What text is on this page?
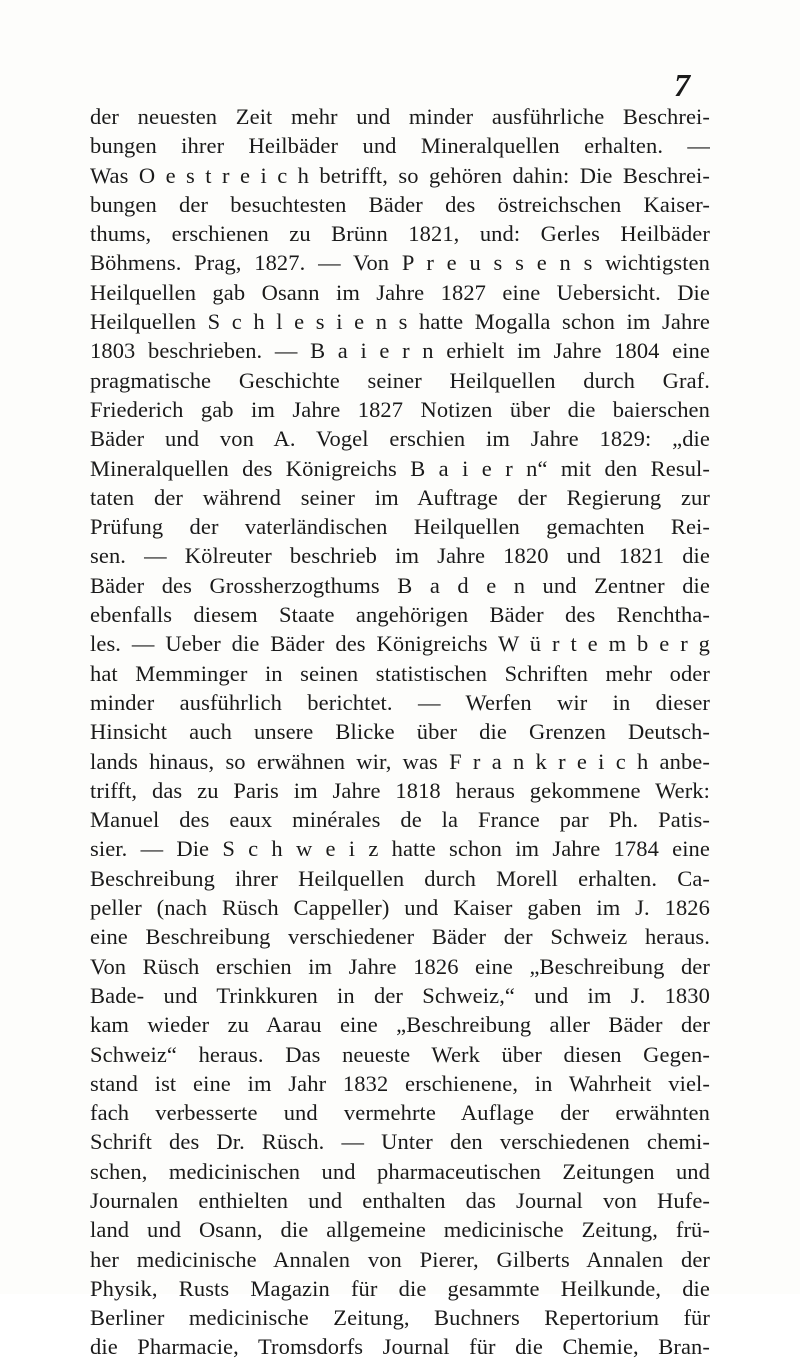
7
der neuesten Zeit mehr und minder ausführliche Beschrei-
bungen ihrer Heilbäder und Mineralquellen erhalten. —
Was O e s t r e i c h betrifft, so gehören dahin: Die Beschrei-
bungen der besuchtesten Bäder des östreichschen Kaiser-
thums, erschienen zu Brünn 1821, und: Gerles Heilbäder
Böhmens. Prag, 1827. — Von P r e u s s e n s wichtigsten
Heilquellen gab Osann im Jahre 1827 eine Uebersicht. Die
Heilquellen S c h l e s i e n s hatte Mogalla schon im Jahre
1803 beschrieben. — B a i e r n erhielt im Jahre 1804 eine
pragmatische Geschichte seiner Heilquellen durch Graf.
Friederich gab im Jahre 1827 Notizen über die baierschen
Bäder und von A. Vogel erschien im Jahre 1829: „die
Mineralquellen des Königreichs B a i e r n“ mit den Resul-
taten der während seiner im Auftrage der Regierung zur
Prüfung der vaterländischen Heilquellen gemachten Rei-
sen. — Kölreuter beschrieb im Jahre 1820 und 1821 die
Bäder des Grossherzogthums B a d e n und Zentner die
ebenfalls diesem Staate angehörigen Bäder des Renchtha-
les. — Ueber die Bäder des Königreichs W ü r t e m b e r g
hat Memminger in seinen statistischen Schriften mehr oder
minder ausführlich berichtet. — Werfen wir in dieser
Hinsicht auch unsere Blicke über die Grenzen Deutsch-
lands hinaus, so erwähnen wir, was F r a n k r e i c h anbe-
trifft, das zu Paris im Jahre 1818 heraus gekommene Werk:
Manuel des eaux minérales de la France par Ph. Patis-
sier. — Die S c h w e i z hatte schon im Jahre 1784 eine
Beschreibung ihrer Heilquellen durch Morell erhalten. Ca-
peller (nach Rüsch Cappeller) und Kaiser gaben im J. 1826
eine Beschreibung verschiedener Bäder der Schweiz heraus.
Von Rüsch erschien im Jahre 1826 eine „Beschreibung der
Bade- und Trinkkuren in der Schweiz,“ und im J. 1830
kam wieder zu Aarau eine „Beschreibung aller Bäder der
Schweiz“ heraus. Das neueste Werk über diesen Gegen-
stand ist eine im Jahr 1832 erschienene, in Wahrheit viel-
fach verbesserte und vermehrte Auflage der erwähnten
Schrift des Dr. Rüsch. — Unter den verschiedenen chemi-
schen, medicinischen und pharmaceutischen Zeitungen und
Journalen enthielten und enthalten das Journal von Hufe-
land und Osann, die allgemeine medicinische Zeitung, frü-
her medicinische Annalen von Pierer, Gilberts Annalen der
Physik, Rusts Magazin für die gesammte Heilkunde, die
Berliner medicinische Zeitung, Buchners Repertorium für
die Pharmacie, Tromsdorfs Journal für die Chemie, Bran-
